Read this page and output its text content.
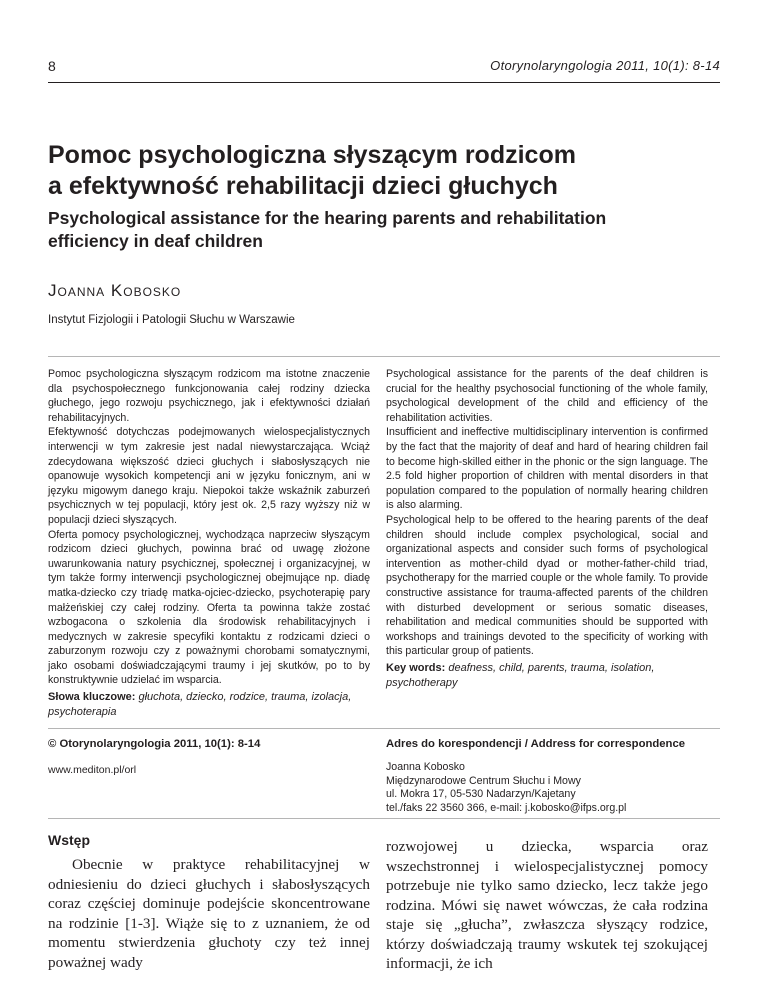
8	Otorynolaryngologia 2011, 10(1): 8-14
Pomoc psychologiczna słyszącym rodzicom
a efektywność rehabilitacji dzieci głuchych
Psychological assistance for the hearing parents and rehabilitation
efficiency in deaf children
Joanna Kobosko
Instytut Fizjologii i Patologii Słuchu w Warszawie

Pomoc psychologiczna słyszącym rodzicom ma istotne znaczenie dla psychospołecznego funkcjonowania całej rodziny dziecka głuchego, jego rozwoju psychicznego, jak i efektywności działań rehabilitacyjnych.

Efektywność dotychczas podejmowanych wielospecjalistycznych interwencji w tym zakresie jest nadal niewystarczająca. Wciąż zdecydowana większość dzieci głuchych i słabosłyszących nie opanowuje wysokich kompetencji ani w języku fonicznym, ani w języku migowym danego kraju. Niepokoi także wskaźnik zaburzeń psychicznych w tej populacji, który jest ok. 2,5 razy wyższy niż w populacji dzieci słyszących.

Oferta pomocy psychologicznej, wychodząca naprzeciw słyszącym rodzicom dzieci głuchych, powinna brać od uwagę złożone uwarunkowania natury psychicznej, społecznej i organizacyjnej, w tym także formy interwencji psychologicznej obejmujące np. diadę matka-dziecko czy triadę matka-ojciec-dziecko, psychoterapię pary małżeńskiej czy całej rodziny. Oferta ta powinna także zostać wzbogacona o szkolenia dla środowisk rehabilitacyjnych i medycznych w zakresie specyfiki kontaktu z rodzicami dzieci o zaburzonym rozwoju czy z poważnymi chorobami somatycznymi, jako osobami doświadczającymi traumy i jej skutków, po to by konstruktywnie udzielać im wsparcia.

Słowa kluczowe: głuchota, dziecko, rodzice, trauma, izolacja, psychoterapia

Psychological assistance for the parents of the deaf children is crucial for the healthy psychosocial functioning of the whole family, psychological development of the child and efficiency of the rehabilitation activities.

Insufficient and ineffective multidisciplinary intervention is confirmed by the fact that the majority of deaf and hard of hearing children fail to become high-skilled either in the phonic or the sign language. The 2.5 fold higher proportion of children with mental disorders in that population compared to the population of normally hearing children is also alarming.

Psychological help to be offered to the hearing parents of the deaf children should include complex psychological, social and organizational aspects and consider such forms of psychological intervention as mother-child dyad or mother-father-child triad, psychotherapy for the married couple or the whole family. To provide constructive assistance for trauma-affected parents of the children with disturbed development or serious somatic diseases, rehabilitation and medical communities should be supported with workshops and trainings devoted to the specificity of working with this particular group of patients.

Key words: deafness, child, parents, trauma, isolation, psychotherapy
© Otorynolaryngologia 2011, 10(1): 8-14
www.mediton.pl/orl
Adres do korespondencji / Address for correspondence
Joanna Kobosko
Międzynarodowe Centrum Słuchu i Mowy
ul. Mokra 17, 05-530 Nadarzyn/Kajetany
tel./faks 22 3560 366, e-mail: j.kobosko@ifps.org.pl
Wstęp
Obecnie w praktyce rehabilitacyjnej w odniesieniu do dzieci głuchych i słabosłyszących coraz częściej dominuje podejście skoncentrowane na rodzinie [1-3]. Wiąże się to z uznaniem, że od momentu stwierdzenia głuchoty czy też innej poważnej wady
rozwojowej u dziecka, wsparcia oraz wszechstronnej i wielospecjalistycznej pomocy potrzebuje nie tylko samo dziecko, lecz także jego rodzina. Mówi się nawet wówczas, że cała rodzina staje się „głucha”, zwłaszcza słyszący rodzice, którzy doświadczają traumy wskutek tej szokującej informacji, że ich
